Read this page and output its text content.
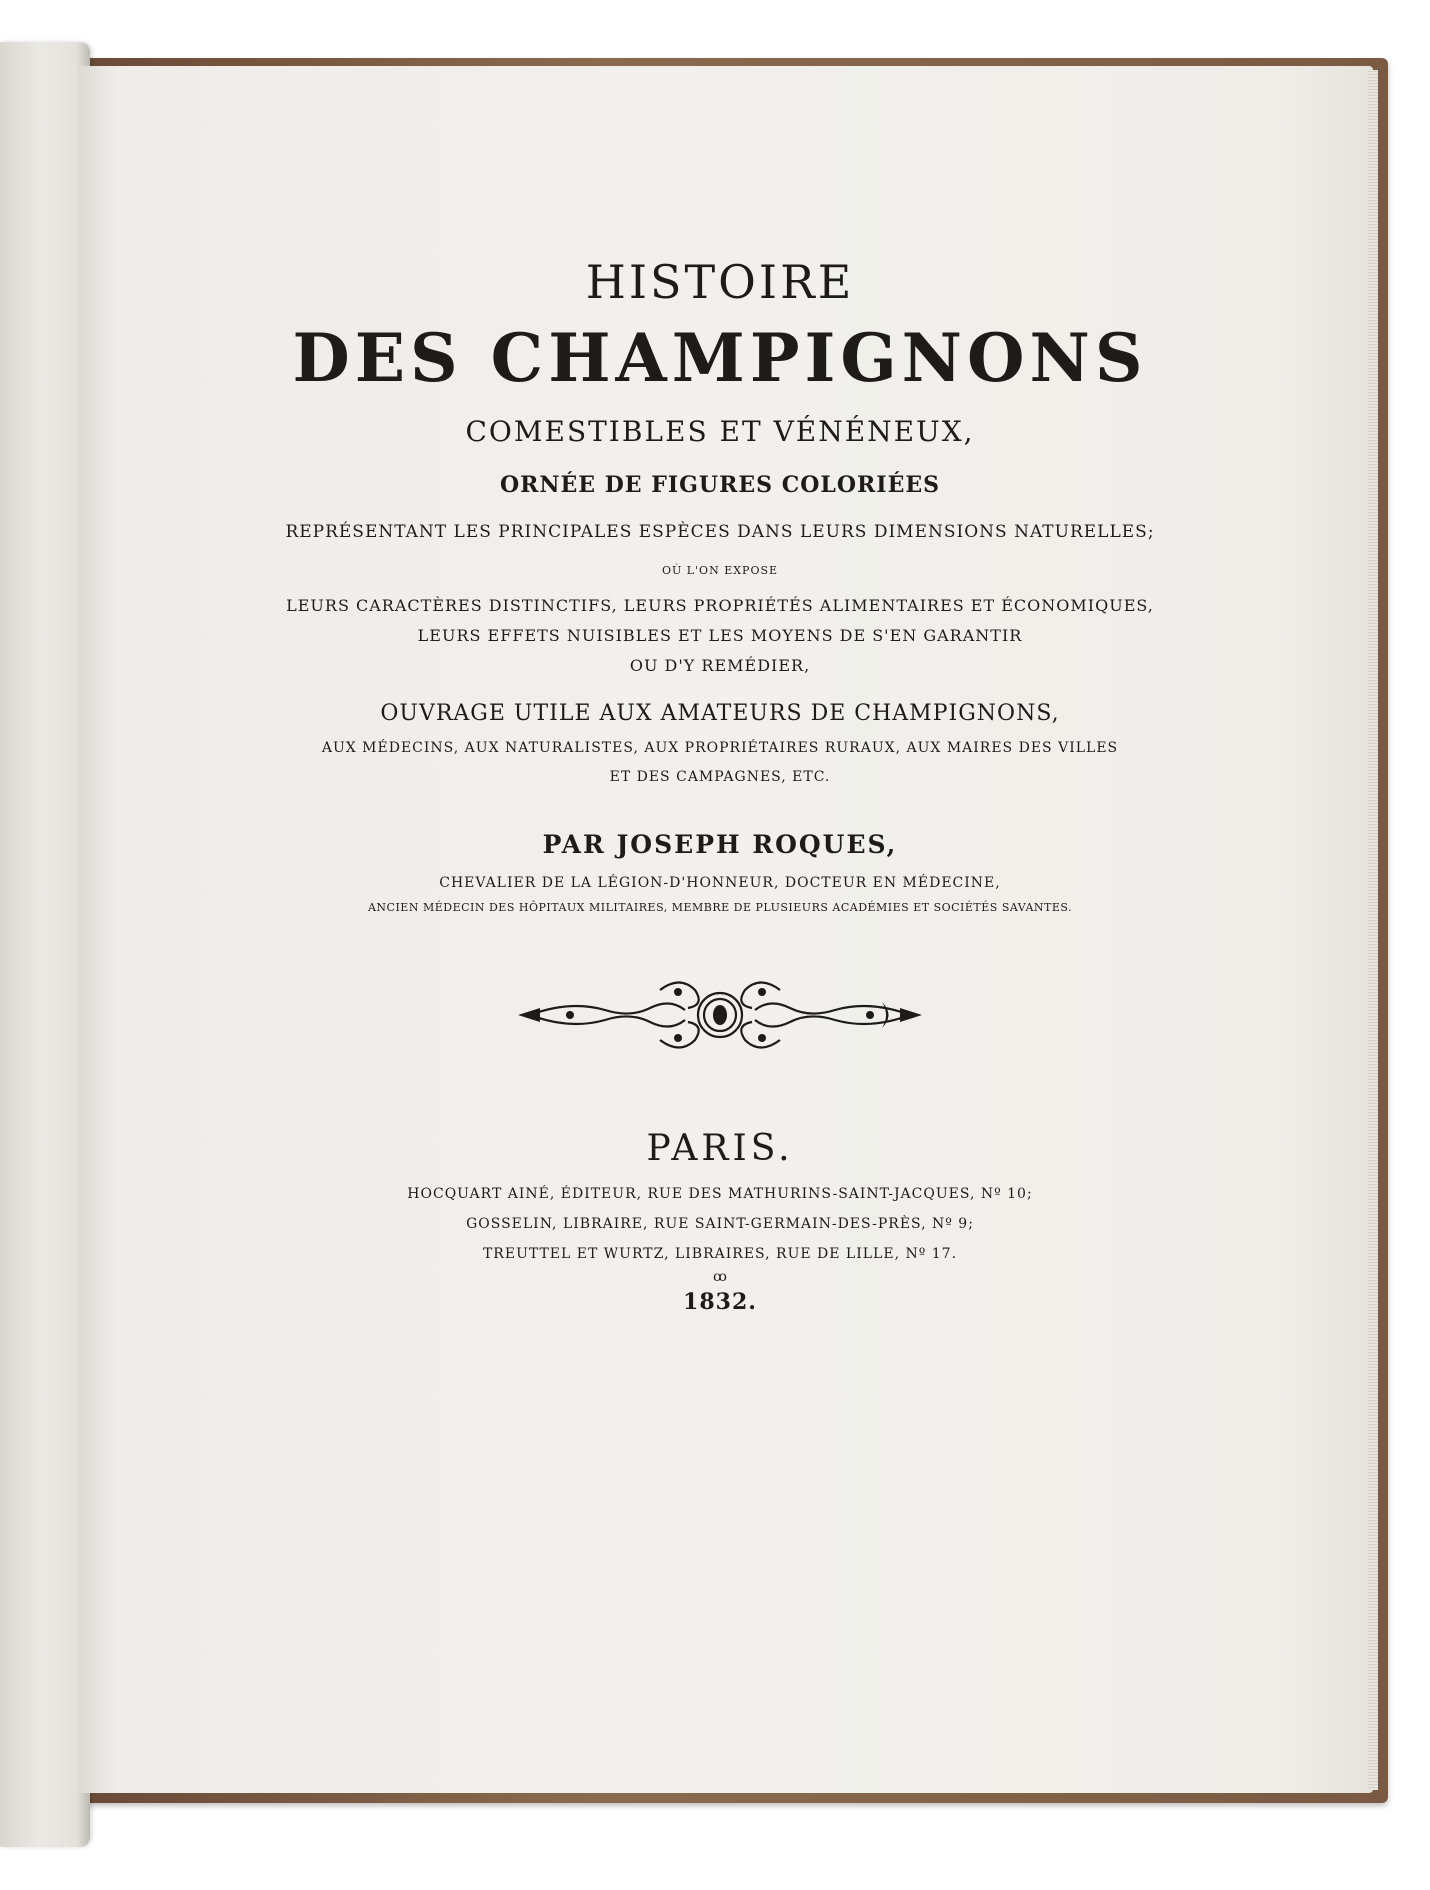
HISTOIRE

DES CHAMPIGNONS

COMESTIBLES ET VÉNÉNEUX,

ORNÉE DE FIGURES COLORIÉES

REPRÉSENTANT LES PRINCIPALES ESPÈCES DANS LEURS DIMENSIONS NATURELLES;

OÙ L'ON EXPOSE

LEURS CARACTÈRES DISTINCTIFS, LEURS PROPRIÉTÉS ALIMENTAIRES ET ÉCONOMIQUES,

LEURS EFFETS NUISIBLES ET LES MOYENS DE S'EN GARANTIR

OU D'Y REMÉDIER,

OUVRAGE UTILE AUX AMATEURS DE CHAMPIGNONS,

AUX MÉDECINS, AUX NATURALISTES, AUX PROPRIÉTAIRES RURAUX, AUX MAIRES DES VILLES

ET DES CAMPAGNES, ETC.

PAR JOSEPH ROQUES,

CHEVALIER DE LA LÉGION-D'HONNEUR, DOCTEUR EN MÉDECINE,

ANCIEN MÉDECIN DES HÔPITAUX MILITAIRES, MEMBRE DE PLUSIEURS ACADÉMIES ET SOCIÉTÉS SAVANTES.

PARIS.

HOCQUART AINÉ, ÉDITEUR, RUE DES MATHURINS-SAINT-JACQUES, Nº 10;

GOSSELIN, LIBRAIRE, RUE SAINT-GERMAIN-DES-PRÈS, Nº 9;

TREUTTEL ET WURTZ, LIBRAIRES, RUE DE LILLE, Nº 17.

ꝏ

1832.
